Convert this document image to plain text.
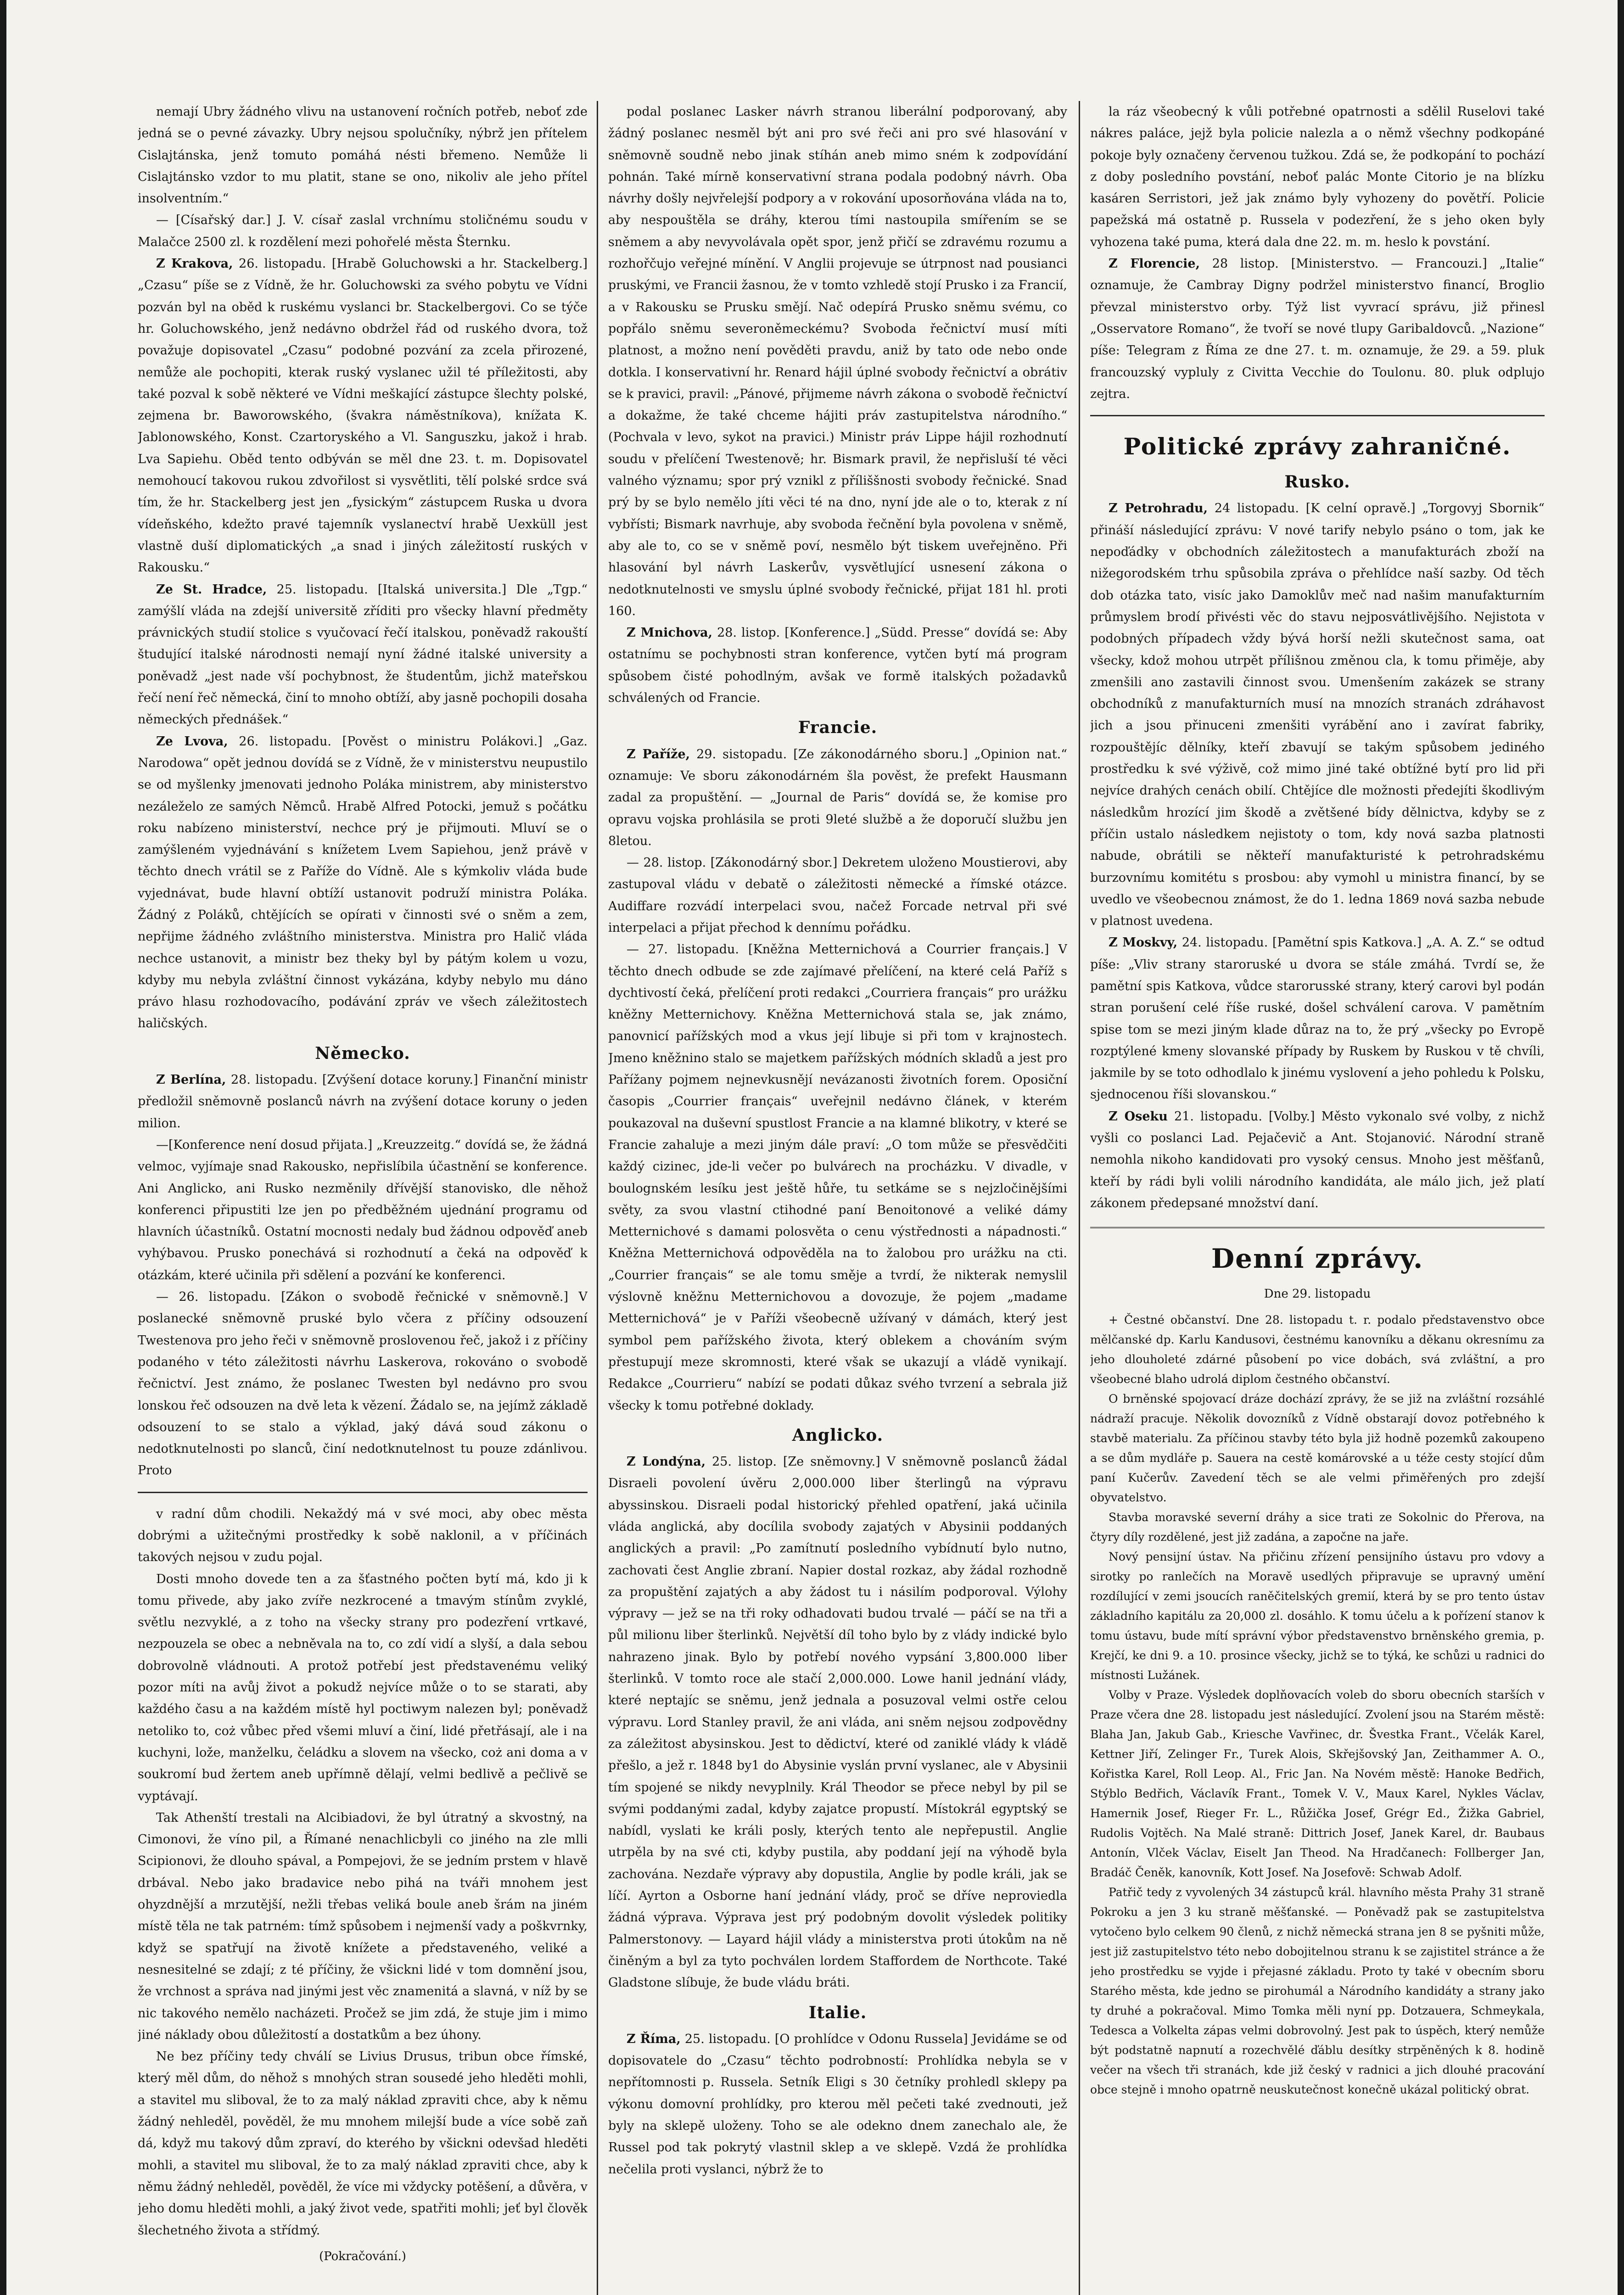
nemají Ubry žádného vlivu na ustanovení ročních potřeb, neboť zde jedná se o pevné závazky. Ubry nejsou spolučníky, nýbrž jen přítelem Cislajtánska, jenž tomuto pomáhá nésti břemeno. Nemůže li Cislajtánsko vzdor to mu platit, stane se ono, nikoliv ale jeho přítel insolventním.“

— [Císařský dar.] J. V. císař zaslal vrchnímu stoličnému soudu v Malačce 2500 zl. k rozdělení mezi pohořelé města Šternku.

Z Krakova, 26. listopadu. [Hrabě Goluchowski a hr. Stackelberg.] „Czasu“ píše se z Vídně, že hr. Goluchowski za svého pobytu ve Vídni pozván byl na oběd k ruskému vyslanci br. Stackelbergovi. Co se týče hr. Goluchowského, jenž nedávno obdržel řád od ruského dvora, tož považuje dopisovatel „Czasu“ podobné pozvání za zcela přirozené, nemůže ale pochopiti, kterak ruský vyslanec užil té příležitosti, aby také pozval k sobě některé ve Vídni meškající zástupce šlechty polské, zejmena br. Baworowského, (švakra náměstníkova), knížata K. Jablonowského, Konst. Czartoryského a Vl. Sanguszku, jakož i hrab. Lva Sapiehu. Oběd tento odbýván se měl dne 23. t. m. Dopisovatel nemohoucí takovou rukou zdvořilost si vysvětliti, tělí polské srdce svá tím, že hr. Stackelberg jest jen „fysickým“ zástupcem Ruska u dvora vídeňského, kdežto pravé tajemník vyslanectví hrabě Uexküll jest vlastně duší diplomatických „a snad i jiných záležitostí ruských v Rakousku.“

Ze St. Hradce, 25. listopadu. [Italská universita.] Dle „Tgp.“ zamýšlí vláda na zdejší universitě zříditi pro všecky hlavní předměty právnických studií stolice s vyučovací řečí italskou, poněvadž rakouští študující italské národnosti nemají nyní žádné italské university a poněvadž „jest nade vší pochybnost, že študentům, jichž mateřskou řečí není řeč německá, činí to mnoho obtíží, aby jasně pochopili dosaha německých přednášek.“

Ze Lvova, 26. listopadu. [Pověst o ministru Polákovi.] „Gaz. Narodowa“ opět jednou dovídá se z Vídně, že v ministerstvu neupustilo se od myšlenky jmenovati jednoho Poláka ministrem, aby ministerstvo nezáleželo ze samých Němců. Hrabě Alfred Potocki, jemuž s počátku roku nabízeno ministerství, nechce prý je přijmouti. Mluví se o zamýšleném vyjednávání s knížetem Lvem Sapiehou, jenž právě v těchto dnech vrátil se z Paříže do Vídně. Ale s kýmkoliv vláda bude vyjednávat, bude hlavní obtíží ustanovit podruží ministra Poláka. Žádný z Poláků, chtějících se opírati v činnosti své o sněm a zem, nepřijme žádného zvláštního ministerstva. Ministra pro Halič vláda nechce ustanovit, a ministr bez theky byl by pátým kolem u vozu, kdyby mu nebyla zvláštní činnost vykázána, kdyby nebylo mu dáno právo hlasu rozhodovacího, podávání zpráv ve všech záležitostech haličských.

Německo.

Z Berlína, 28. listopadu. [Zvýšení dotace koruny.] Finanční ministr předložil sněmovně poslanců návrh na zvýšení dotace koruny o jeden milion.

—[Konference není dosud přijata.] „Kreuzzeitg.“ dovídá se, že žádná velmoc, vyjímaje snad Rakousko, nepřislíbila účastnění se konference. Ani Anglicko, ani Rusko nezměnily dřívější stanovisko, dle něhož konferenci připustiti lze jen po předběžném ujednání programu od hlavních účastníků. Ostatní mocnosti nedaly bud žádnou odpověď aneb vyhýbavou. Prusko ponechává si rozhodnutí a čeká na odpověď k otázkám, které učinila při sdělení a pozvání ke konferenci.

— 26. listopadu. [Zákon o svobodě řečnické v sněmovně.] V poslanecké sněmovně pruské bylo včera z příčiny odsouzení Twestenova pro jeho řeči v sněmovně proslovenou řeč, jakož i z příčiny podaného v této záležitosti návrhu Laskerova, rokováno o svobodě řečnictví. Jest známo, že poslanec Twesten byl nedávno pro svou lonskou řeč odsouzen na dvě leta k vězení. Žádalo se, na jejímž základě odsouzení to se stalo a výklad, jaký dává soud zákonu o nedotknutelnosti po slanců, činí nedotknutelnost tu pouze zdánlivou. Proto

v radní dům chodili. Nekaždý má v své moci, aby obec města dobrými a užitečnými prostředky k sobě naklonil, a v příčinách takových nejsou v zudu pojal.

Dosti mnoho dovede ten a za šťastného počten bytí má, kdo ji k tomu přivede, aby jako zvíře nezkrocené a tmavým stínům zvyklé, světlu nezvyklé, a z toho na všecky strany pro podezření vrtkavé, nezpouzela se obec a nebněvala na to, co zdí vidí a slyší, a dala sebou dobrovolně vládnouti. A protož potřebí jest představenému veliký pozor míti na avůj život a pokudž nejvíce může o to se starati, aby každého času a na každém místě hyl poctiwym nalezen byl; poněvadž netoliko to, coż vůbec před všemi mluví a činí, lidé přetřásají, ale i na kuchyni, lože, manželku, čeládku a slovem na všecko, coż ani doma a v soukromí bud žertem aneb upřímně dělají, velmi bedlivě a pečlivě se vyptávají.

Tak Athenští trestali na Alcibiadovi, že byl útratný a skvostný, na Cimonovi, že víno pil, a Římané nenachlicbyli co jiného na zle mlli Scipionovi, že dlouho spával, a Pompejovi, že se jedním prstem v hlavě drbával. Nebo jako bradavice nebo pihá na tváři mnohem jest ohyzdnější a mrzutější, nežli třebas veliká boule aneb šrám na jiném místě těla ne tak patrném: tímž spůsobem i nejmenší vady a poškvrnky, když se spatřují na životě knížete a představeného, veliké a nesnesitelné se zdají; z té příčiny, že všickni lidé v tom domnění jsou, že vrchnost a správa nad jinými jest věc znamenitá a slavná, v níž by se nic takového nemělo nacházeti. Pročež se jim zdá, že stuje jim i mimo jiné náklady obou důležitostí a dostatkům a bez úhony.

Ne bez příčiny tedy chválí se Livius Drusus, tribun obce římské, který měl dům, do něhož s mnohých stran sousedé jeho hleděti mohli, a stavitel mu sliboval, že to za malý náklad zpraviti chce, aby k němu žádný nehleděl, pověděl, že mu mnohem milejší bude a více sobě zaň dá, když mu takový dům zpraví, do kterého by všickni odevšad hleděti mohli, a stavitel mu sliboval, že to za malý náklad zpraviti chce, aby k němu žádný nehleděl, pověděl, že více mi vždycky potěšení, a důvěra, v jeho domu hleděti mohli, a jaký život vede, spatřiti mohli; jeť byl člověk šlechetného života a střídmý.

(Pokračování.)

podal poslanec Lasker návrh stranou liberální podporovaný, aby žádný poslanec nesměl být ani pro své řeči ani pro své hlasování v sněmovně soudně nebo jinak stíhán aneb mimo sném k zodpovídání pohnán. Také mírně konservativní strana podala podobný návrh. Oba návrhy došly nejvřelejší podpory a v rokování uposorňována vláda na to, aby nespouštěla se dráhy, kterou tími nastoupila smířením se se sněmem a aby nevyvolávala opět spor, jenž přičí se zdravému rozumu a rozhořčujo veřejné mínění. V Anglii projevuje se útrpnost nad pousianci pruskými, ve Francii žasnou, že v tomto vzhledě stojí Prusko i za Francií, a v Rakousku se Prusku smějí. Nač odepírá Prusko sněmu svému, co popřálo sněmu severoněmeckému? Svoboda řečnictví musí míti platnost, a možno není pověděti pravdu, aniž by tato ode nebo onde dotkla. I konservativní hr. Renard hájil úplné svobody řečnictví a obrátiv se k pravici, pravil: „Pánové, přijmeme návrh zákona o svobodě řečnictví a dokažme, že také chceme hájiti práv zastupitelstva národního.“ (Pochvala v levo, sykot na pravici.) Ministr práv Lippe hájil rozhodnutí soudu v přelíčení Twestenově; hr. Bismark pravil, že nepřisluší té věci valného významu; spor prý vznikl z příliššnosti svobody řečnické. Snad prý by se bylo nemělo jíti věci té na dno, nyní jde ale o to, kterak z ní vybřísti; Bismark navrhuje, aby svoboda řečnění byla povolena v sněmě, aby ale to, co se v sněmě poví, nesmělo být tiskem uveřejněno. Při hlasování byl návrh Laskerův, vysvětlující usnesení zákona o nedotknutelnosti ve smyslu úplné svobody řečnické, přijat 181 hl. proti 160.

Z Mnichova, 28. listop. [Konference.] „Südd. Presse“ dovídá se: Aby ostatnímu se pochybnosti stran konference, vytčen bytí má program spůsobem čisté pohodlným, avšak ve formě italských požadavků schválených od Francie.

Francie.

Z Paříže, 29. sistopadu. [Ze zákonodárného sboru.] „Opinion nat.“ oznamuje: Ve sboru zákonodárném šla pověst, že prefekt Hausmann zadal za propuštění. — „Journal de Paris“ dovídá se, že komise pro opravu vojska prohlásila se proti 9leté službě a že doporučí službu jen 8letou.

— 28. listop. [Zákonodárný sbor.] Dekretem uloženo Moustierovi, aby zastupoval vládu v debatě o záležitosti německé a římské otázce. Audiffare rozvádí interpelaci svou, načež Forcade netrval při své interpelaci a přijat přechod k dennímu pořádku.

— 27. listopadu. [Kněžna Metternichová a Courrier français.] V těchto dnech odbude se zde zajímavé přelíčení, na které celá Paříž s dychtivostí čeká, přelíčení proti redakci „Courriera français“ pro urážku kněžny Metternichovy. Kněžna Metternichová stala se, jak známo, panovnicí pařížských mod a vkus její libuje si při tom v krajnostech. Jmeno kněžnino stalo se majetkem pařížských módních skladů a jest pro Pařížany pojmem nejnevkusnějí nevázanosti životních forem. Oposiční časopis „Courrier français“ uveřejnil nedávno článek, v kterém poukazoval na duševní spustlost Francie a na klamné blikotry, v které se Francie zahaluje a mezi jiným dále praví: „O tom může se přesvědčiti každý cizinec, jde-li večer po bulvárech na procházku. V divadle, v boulognském lesíku jest ještě hůře, tu setkáme se s nejzločinějšími světy, za svou vlastní ctihodné paní Benoitonové a veliké dámy Metternichové s damami polosvěta o cenu výstřednosti a nápadnosti.“ Kněžna Metternichová odpověděla na to žalobou pro urážku na cti. „Courrier français“ se ale tomu směje a tvrdí, že nikterak nemyslil výslovně kněžnu Metternichovou a dovozuje, že pojem „madame Metternichová“ je v Paříži všeobecně užívaný v dámách, který jest symbol pem pařížského života, který oblekem a chováním svým přestupují meze skromnosti, které však se ukazují a vládě vynikají. Redakce „Courrieru“ nabízí se podati důkaz svého tvrzení a sebrala již všecky k tomu potřebné doklady.

Anglicko.

Z Londýna, 25. listop. [Ze sněmovny.] V sněmovně poslanců žádal Disraeli povolení úvěru 2,000.000 liber šterlingů na výpravu abyssinskou. Disraeli podal historický přehled opatření, jaká učinila vláda anglická, aby docílila svobody zajatých v Abysinii poddaných anglických a pravil: „Po zamítnutí posledního vybídnutí bylo nutno, zachovati čest Anglie zbraní. Napier dostal rozkaz, aby žádal rozhodně za propuštění zajatých a aby žádost tu i násilím podporoval. Výlohy výpravy — jež se na tři roky odhadovati budou trvalé — páčí se na tři a půl milionu liber šterlinků. Největší díl toho bylo by z vlády indické bylo nahrazeno jinak. Bylo by potřebí nového vypsání 3,800.000 liber šterlinků. V tomto roce ale stačí 2,000.000. Lowe hanil jednání vlády, které neptajíc se sněmu, jenž jednala a posuzoval velmi ostře celou výpravu. Lord Stanley pravil, že ani vláda, ani sněm nejsou zodpovědny za záležitost abysinskou. Jest to dědictví, které od zaniklé vlády k vládě přešlo, a jež r. 1848 by1 do Abysinie vyslán první vyslanec, ale v Abysinii tím spojené se nikdy nevyplnily. Král Theodor se přece nebyl by pil se svými poddanými zadal, kdyby zajatce propustí. Místokrál egyptský se nabídl, vyslati ke králi posly, kterých tento ale nepřepustil. Anglie utrpěla by na své cti, kdyby pustila, aby poddaní její na výhodě byla zachována. Nezdaře výpravy aby dopustila, Anglie by podle králi, jak se líčí. Ayrton a Osborne haní jednání vlády, proč se dříve neproviedla žádná výprava. Výprava jest prý podobným dovolit výsledek politiky Palmerstonovy. — Layard hájil vlády a ministerstva proti útokům na ně činěným a byl za tyto pochválen lordem Staffordem de Northcote. Také Gladstone slíbuje, že bude vládu bráti.

Italie.

Z Říma, 25. listopadu. [O prohlídce v Odonu Russela] Jevidáme se od dopisovatele do „Czasu“ těchto podrobností: Prohlídka nebyla se v nepřítomnosti p. Russela. Setník Eligi s 30 četníky prohledl sklepy pa výkonu domovní prohlídky, pro kterou měl pečeti také zvednouti, jež byly na sklepě uloženy. Toho se ale odekno dnem zanechalo ale, že Russel pod tak pokrytý vlastnil sklep a ve sklepě. Vzdá že prohlídka nečelila proti vyslanci, nýbrž že to

la ráz všeobecný k vůli potřebné opatrnosti a sdělil Ruselovi také nákres paláce, jejž byla policie nalezla a o němž všechny podkopáné pokoje byly označeny červenou tužkou. Zdá se, že podkopání to pochází z doby posledního povstání, neboť palác Monte Citorio je na blízku kasáren Serristori, jež jak známo byly vyhozeny do povětří. Policie papežská má ostatně p. Russela v podezření, že s jeho oken byly vyhozena také puma, která dala dne 22. m. m. heslo k povstání.

Z Florencie, 28 listop. [Ministerstvo. — Francouzi.] „Italie“ oznamuje, že Cambray Digny podržel ministerstvo financí, Broglio převzal ministerstvo orby. Týž list vyvrací správu, již přinesl „Osservatore Romano“, že tvoří se nové tlupy Garibaldovců. „Nazione“ píše: Telegram z Říma ze dne 27. t. m. oznamuje, že 29. a 59. pluk francouzský vypluly z Civitta Vecchie do Toulonu. 80. pluk odplujo zejtra.

Politické zprávy zahraničné.
Rusko.

Z Petrohradu, 24 listopadu. [K celní opravě.] „Torgovyj Sbornik“ přináší následující zprávu: V nové tarify nebylo psáno o tom, jak ke nepoďádky v obchodních záležitostech a manufakturách zboží na nižegorodském trhu spůsobila zpráva o přehlídce naší sazby. Od těch dob otázka tato, visíc jako Damoklův meč nad našim manufakturním průmyslem brodí přivésti věc do stavu nejposvátlivějšího. Nejistota v podobných případech vždy bývá horší nežli skutečnost sama, oat všecky, kdož mohou utrpět přílišnou změnou cla, k tomu přiměje, aby zmenšili ano zastavili činnost svou. Umenšením zakázek se strany obchodníků z manufakturních musí na mnozích stranách zdráhavost jich a jsou přinuceni zmenšiti vyrábění ano i zavírat fabriky, rozpouštějíc dělníky, kteří zbavují se takým spůsobem jediného prostředku k své výživě, což mimo jiné také obtížné bytí pro lid při nejvíce drahých cenách obilí. Chtějíce dle možnosti předejíti škodlivým následkům hrozící jim škodě a zvětšené bídy dělnictva, kdyby se z příčin ustalo následkem nejistoty o tom, kdy nová sazba platnosti nabude, obrátili se někteří manufakturisté k petrohradskému burzovnímu komitétu s prosbou: aby vymohl u ministra financí, by se uvedlo ve všeobecnou známost, že do 1. ledna 1869 nová sazba nebude v platnost uvedena.

Z Moskvy, 24. listopadu. [Pamětní spis Katkova.] „A. A. Z.“ se odtud píše: „Vliv strany staroruské u dvora se stále zmáhá. Tvrdí se, že pamětní spis Katkova, vůdce starorusské strany, který carovi byl podán stran porušení celé říše ruské, došel schválení carova. V pamětním spise tom se mezi jiným klade důraz na to, že prý „všecky po Evropě rozptýlené kmeny slovanské případy by Ruskem by Ruskou v tě chvíli, jakmile by se toto odhodlalo k jinému vyslovení a jeho pohledu k Polsku, sjednocenou říši slovanskou.“

Z Oseku 21. listopadu. [Volby.] Město vykonalo své volby, z nichž vyšli co poslanci Lad. Pejačevič a Ant. Stojanović. Národní straně nemohla nikoho kandidovati pro vysoký census. Mnoho jest měšťanů, kteří by rádi byli volili národního kandidáta, ale málo jich, jež platí zákonem předepsané množství daní.

Denní zprávy.
Dne 29. listopadu

+ Čestné občanství. Dne 28. listopadu t. r. podalo představenstvo obce mělčanské dp. Karlu Kandusovi, čestnému kanovníku a děkanu okresnímu za jeho dlouholeté zdárné působení po vice dobách, svá zvláštní, a pro všeobecné blaho udrolá diplom čestného občanství.

O brněnské spojovací dráze dochází zprávy, že se již na zvláštní rozsáhlé nádraží pracuje. Několik dovozníků z Vídně obstarají dovoz potřebného k stavbě materialu. Za příčinou stavby této byla již hodně pozemků zakoupeno a se dům mydláře p. Sauera na cestě komárovské a u téže cesty stojící dům paní Kučerův. Zavedení těch se ale velmi přiměřených pro zdejší obyvatelstvo.

Stavba moravské severní dráhy a sice trati ze Sokolnic do Přerova, na čtyry díly rozdělené, jest již zadána, a započne na jaře.

Nový pensijní ústav. Na přičinu zřízení pensijního ústavu pro vdovy a sirotky po ranlečích na Moravě usedlých připravuje se upravný umění rozdílující v zemi jsoucích raněčitelských gremií, která by se pro tento ústav základního kapitálu za 20,000 zl. dosáhlo. K tomu účelu a k pořízení stanov k tomu ústavu, bude mítí správní výbor představenstvo brněnského gremia, p. Krejčí, ke dni 9. a 10. prosince všecky, jichž se to týká, ke schůzi u radnici do místnosti Lužánek.

Volby v Praze. Výsledek doplňovacích voleb do sboru obecních starších v Praze včera dne 28. listopadu jest následující. Zvolení jsou na Starém městě: Blaha Jan, Jakub Gab., Kriesche Vavřinec, dr. Švestka Frant., Včelák Karel, Kettner Jiří, Zelinger Fr., Turek Alois, Skřejšovský Jan, Zeithammer A. O., Kořistka Karel, Roll Leop. Al., Fric Jan. Na Novém městě: Hanoke Bedřich, Stýblo Bedřich, Václavík Frant., Tomek V. V., Maux Karel, Nykles Václav, Hamernik Josef, Rieger Fr. L., Růžička Josef, Grégr Ed., Žižka Gabriel, Rudolis Vojtěch. Na Malé straně: Dittrich Josef, Janek Karel, dr. Baubaus Antonín, Vlček Václav, Eiselt Jan Theod. Na Hradčanech: Follberger Jan, Bradáč Čeněk, kanovník, Kott Josef. Na Josefově: Schwab Adolf.

Patřič tedy z vyvolených 34 zástupců král. hlavního města Prahy 31 straně Pokroku a jen 3 ku straně měšťanské. — Poněvadž pak se zastupitelstva vytočeno bylo celkem 90 členů, z nichž německá strana jen 8 se pyšniti může, jest již zastupitelstvo této nebo dobojitelnou stranu k se zajistitel stránce a že jeho prostředku se vyjde i přejasné základu. Proto ty také v obecním sboru Starého města, kde jedno se pirohumál a Národního kandidáty a strany jako ty druhé a pokračoval. Mimo Tomka měli nyní pp. Dotzauera, Schmeykala, Tedesca a Volkelta zápas velmi dobrovolný. Jest pak to úspěch, který nemůže být podstatně napnutí a rozechvělé ďáblu desítky strpěněných k 8. hodině večer na všech tři stranách, kde již český v radnici a jich dlouhé pracování obce stejně i mnoho opatrně neuskutečnost konečně ukázal politický obrat.
